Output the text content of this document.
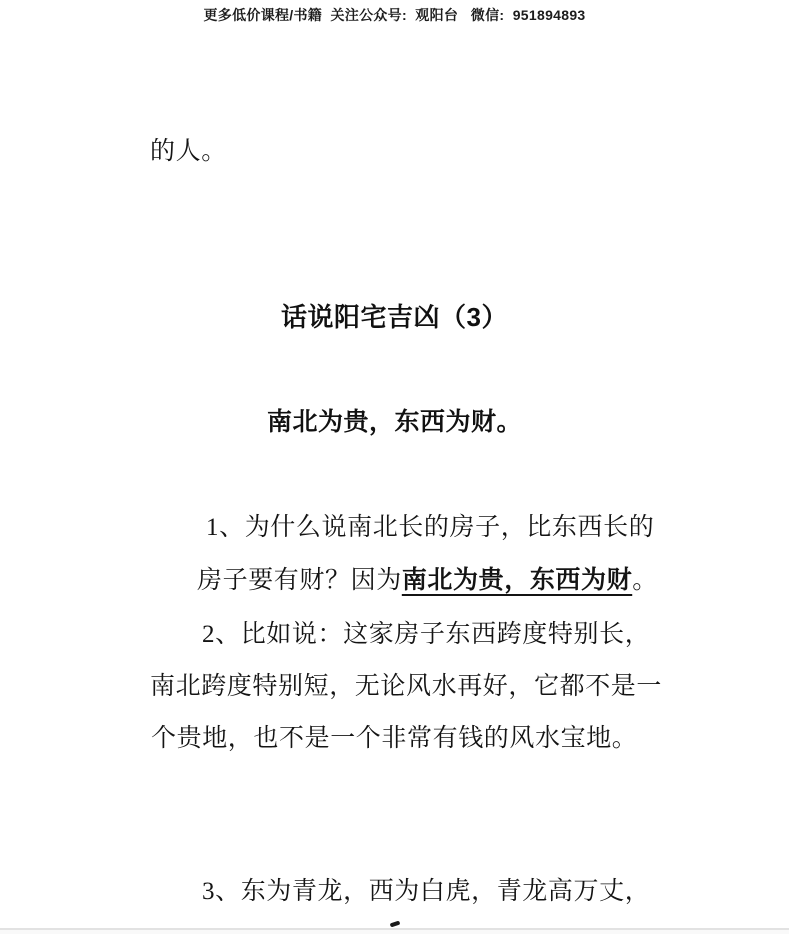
更多低价课程/书籍  关注公众号:  观阳台   微信:  951894893
的人。
话说阳宅吉凶（3）
南北为贵，东西为财。
1、为什么说南北长的房子，比东西长的
房子要有财？因为南北为贵，东西为财。
2、比如说：这家房子东西跨度特别长，
南北跨度特别短，无论风水再好，它都不是一
个贵地，也不是一个非常有钱的风水宝地。
3、东为青龙，西为白虎，青龙高万丈，
